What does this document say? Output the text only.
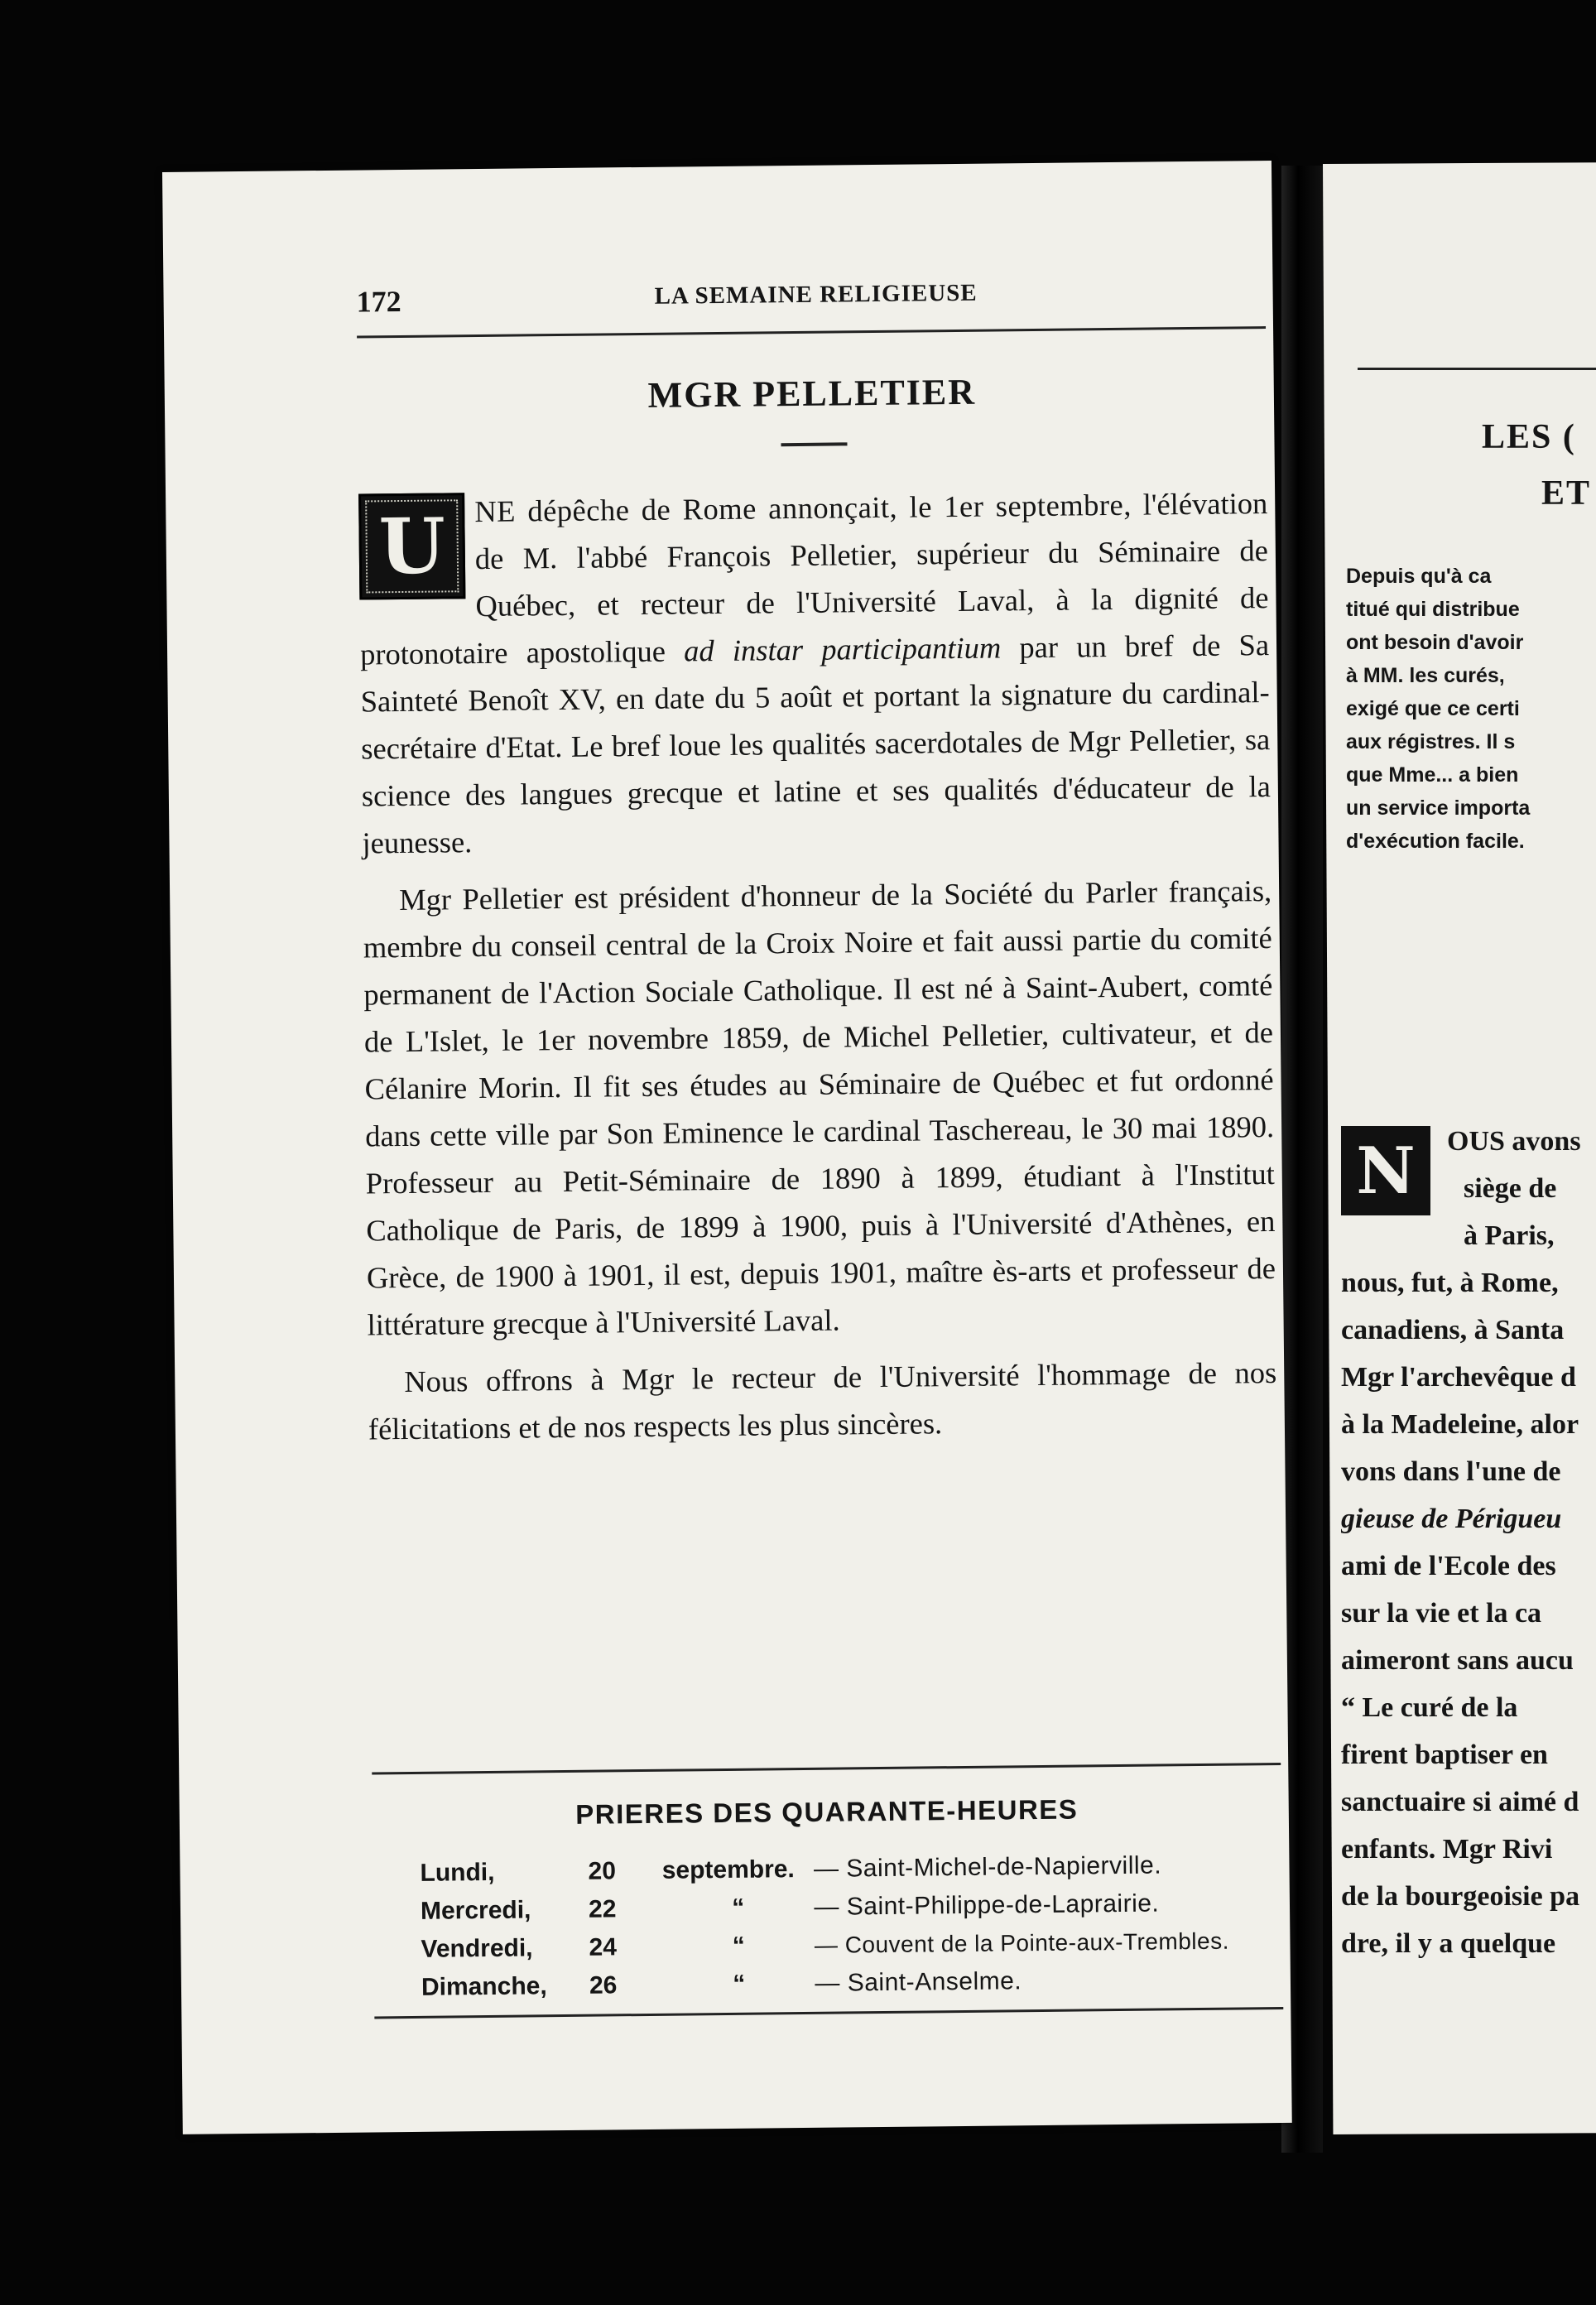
LES (
ET
Depuis qu'à ca
titué qui distribue
ont besoin d'avoir
à MM. les curés,
exigé que ce certi
aux régistres. Il s
que Mme... a bien
un service importa
d'exécution facile.
N	OUS avons
siège de
à Paris,
nous, fut, à Rome,
canadiens, à Santa
Mgr l'archevêque d
à la Madeleine, alor
vons dans l'une de
gieuse de Périgueu
ami de l'Ecole des
sur la vie et la ca
aimeront sans aucu
“ Le curé de la
firent baptiser en
sanctuaire si aimé d
enfants. Mgr Rivi
de la bourgeoisie pa
dre, il y a quelque
172	LA SEMAINE RELIGIEUSE
MGR PELLETIER

U NE dépêche de Rome annonçait, le 1er septembre, l'élévation de M. l'abbé François Pelletier, supérieur du Séminaire de Québec, et recteur de l'Université Laval, à la dignité de protonotaire apostolique ad instar participantium par un bref de Sa Sainteté Benoît XV, en date du 5 août et portant la signature du cardinal-secrétaire d'Etat. Le bref loue les qualités sacerdotales de Mgr Pelletier, sa science des langues grecque et latine et ses qualités d'éducateur de la jeunesse.

Mgr Pelletier est président d'honneur de la Société du Parler français, membre du conseil central de la Croix Noire et fait aussi partie du comité permanent de l'Action Sociale Catholique. Il est né à Saint-Aubert, comté de L'Islet, le 1er novembre 1859, de Michel Pelletier, cultivateur, et de Célanire Morin. Il fit ses études au Séminaire de Québec et fut ordonné dans cette ville par Son Eminence le cardinal Taschereau, le 30 mai 1890. Professeur au Petit-Séminaire de 1890 à 1899, étudiant à l'Institut Catholique de Paris, de 1899 à 1900, puis à l'Université d'Athènes, en Grèce, de 1900 à 1901, il est, depuis 1901, maître ès-arts et professeur de littérature grecque à l'Université Laval.

Nous offrons à Mgr le recteur de l'Université l'hommage de nos félicitations et de nos respects les plus sincères.

PRIERES DES QUARANTE-HEURES
Lundi,	20	septembre. — Saint-Michel-de-Napierville.
Mercredi,	22	“	— Saint-Philippe-de-Laprairie.
Vendredi,	24	“	— Couvent de la Pointe-aux-Trembles.
Dimanche,	26	“	— Saint-Anselme.
